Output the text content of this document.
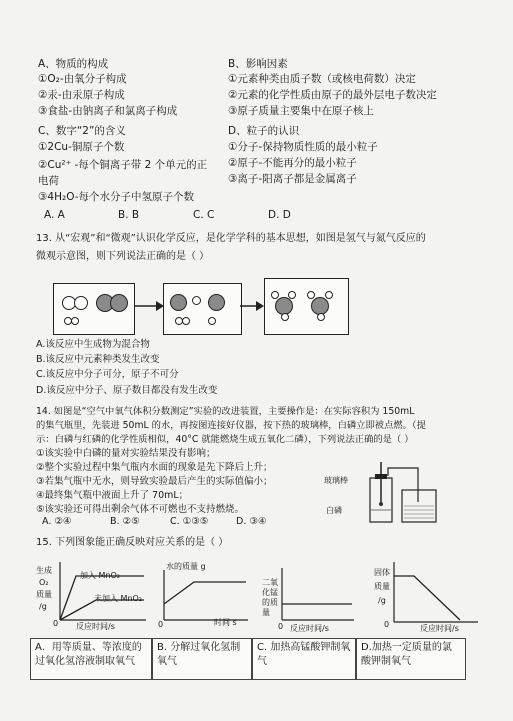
A、物质的构成
①O₂-由氧分子构成
②汞-由汞原子构成
③食盐-由钠离子和氯离子构成
B、影响因素
①元素种类由质子数（或核电荷数）决定
②元素的化学性质由原子的最外层电子数决定
③原子质量主要集中在原子核上
C、数字“2”的含义
①2Cu-铜原子个数
②Cu²⁺ -每个铜离子带 2 个单元的正
电荷
③4H₂O-每个水分子中氢原子个数
D、粒子的认识
①分子-保持物质性质的最小粒子
②原子-不能再分的最小粒子
③离子-阳离子都是金属离子
A. A	B. B	C. C	D. D
13. 从“宏观”和“微观”认识化学反应，是化学学科的基本思想，如图是氢气与氮气反应的
微观示意图，则下列说法正确的是（ ）
A.该反应中生成物为混合物
B.该反应中元素种类发生改变
C.该反应中分子可分，原子不可分
D.该反应中分子、原子数目都没有发生改变
14. 如图是“空气中氧气体积分数测定”实验的改进装置，主要操作是：在实际容积为 150mL
的集气瓶里，先装进 50mL 的水，再按图连接好仪器，按下热的玻璃棒，白磷立即被点燃。（提
示：白磷与红磷的化学性质相似，40°C 就能燃烧生成五氧化二磷），下列说法正确的是（ ）
①该实验中白磷的量对实验结果没有影响；
②整个实验过程中集气瓶内水面的现象是先下降后上升；
③若集气瓶中无水，则导致实验最后产生的实际值偏小；
④最终集气瓶中液面上升了 70mL；
⑤该实验还可得出剩余气体不可燃也不支持燃烧。
A. ②④	B. ②⑤	C. ①③⑤	D. ③④
玻璃棒
白磷
15. 下列图象能正确反映对应关系的是（ ）
生成
O₂
质量
/g
加入 MnO₂
未加入 MnO₂
0 反应时间/s
水的质量 g
0	时间 s
二氧
化锰
的质
量
0 反应时间/s
固体
质量
/g
0	反应时间/s
A．用等质量、等浓度的过氧化氢溶液制取氧气
B. 分解过氧化氢制氧气
C. 加热高锰酸钾制氧气
D.加热一定质量的氯酸钾制氧气
